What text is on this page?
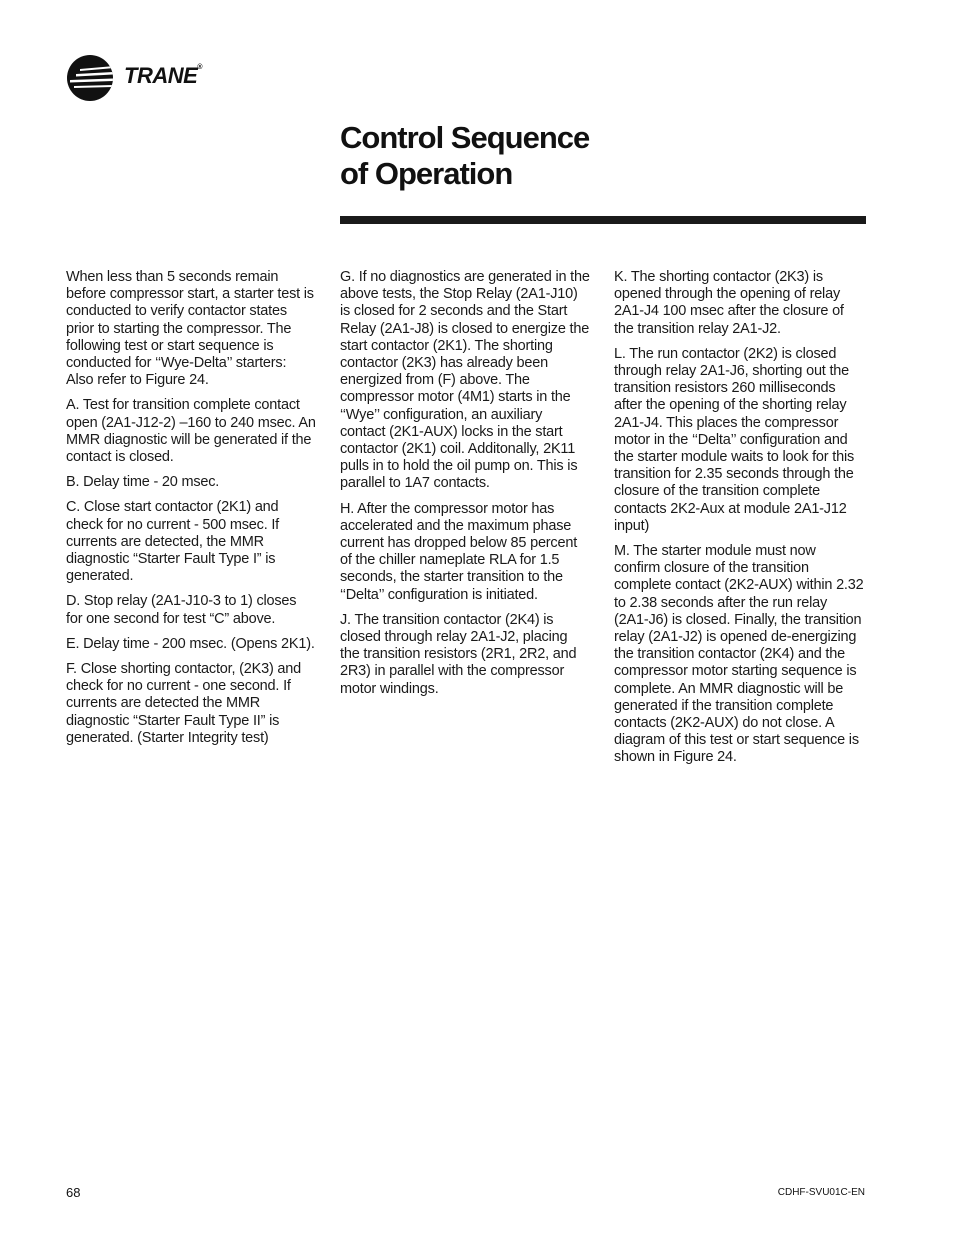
TRANE®
Control Sequence
of Operation

When less than 5 seconds remain before compressor start, a starter test is conducted to verify contactor states prior to starting the compressor. The following test or start sequence is conducted for ‘‘Wye-Delta’’ starters: Also refer to Figure 24.

A. Test for transition complete contact open (2A1-J12-2) –160 to 240 msec. An MMR diagnostic will be generated if the contact is closed.

B. Delay time - 20 msec.

C. Close start contactor (2K1) and check for no current - 500 msec. If currents are detected, the MMR diagnostic “Starter Fault Type I” is generated.

D. Stop relay (2A1-J10-3 to 1) closes for one second for test “C” above.

E. Delay time - 200 msec. (Opens 2K1).

F. Close shorting contactor, (2K3) and check for no current - one second. If currents are detected the MMR diagnostic “Starter Fault Type II” is generated. (Starter Integrity test)

G. If no diagnostics are generated in the above tests, the Stop Relay (2A1-J10) is closed for 2 seconds and the Start Relay (2A1-J8) is closed to energize the start contactor (2K1). The shorting contactor (2K3) has already been energized from (F) above. The compressor motor (4M1) starts in the ‘‘Wye’’ configuration, an auxiliary contact (2K1-AUX) locks in the start contactor (2K1) coil. Additonally, 2K11 pulls in to hold the oil pump on. This is parallel to 1A7 contacts.

H. After the compressor motor has accelerated and the maximum phase current has dropped below 85 percent of the chiller nameplate RLA for 1.5 seconds, the starter transition to the ‘‘Delta’’ configuration is initiated.

J. The transition contactor (2K4) is closed through relay 2A1-J2, placing the transition resistors (2R1, 2R2, and 2R3) in parallel with the compressor motor windings.

K. The shorting contactor (2K3) is opened through the opening of relay 2A1-J4 100 msec after the closure of the transition relay 2A1-J2.

L. The run contactor (2K2) is closed through relay 2A1-J6, shorting out the transition resistors 260 milliseconds after the opening of the shorting relay 2A1-J4. This places the compressor motor in the ‘‘Delta’’ configuration and the starter module waits to look for this transition for 2.35 seconds through the closure of the transition complete contacts 2K2-Aux at module 2A1-J12 input)

M. The starter module must now confirm closure of the transition complete contact (2K2-AUX) within 2.32 to 2.38 seconds after the run relay (2A1-J6) is closed. Finally, the transition relay (2A1-J2) is opened de-energizing the transition contactor (2K4) and the compressor motor starting sequence is complete. An MMR diagnostic will be generated if the transition complete contacts (2K2-AUX) do not close. A diagram of this test or start sequence is shown in Figure 24.

68	CDHF-SVU01C-EN
